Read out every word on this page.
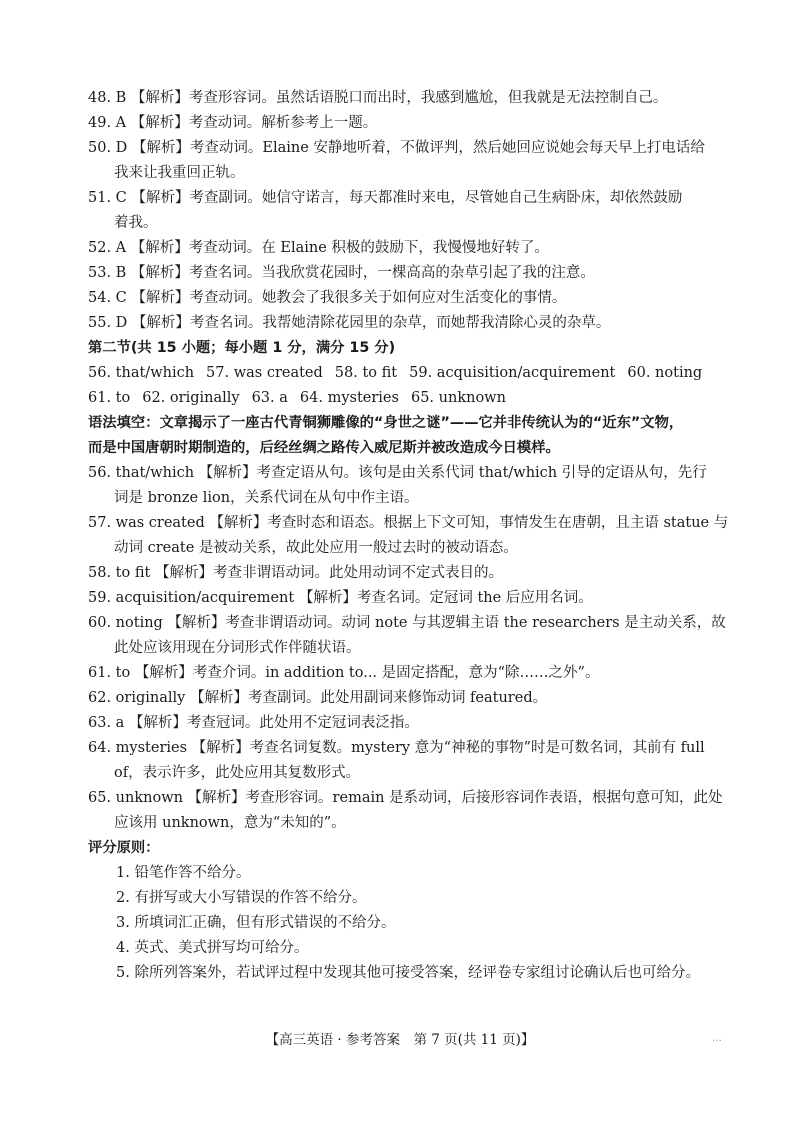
48. B 【解析】考查形容词。虽然话语脱口而出时，我感到尴尬，但我就是无法控制自己。
49. A 【解析】考查动词。解析参考上一题。
50. D 【解析】考查动词。Elaine 安静地听着，不做评判，然后她回应说她会每天早上打电话给
我来让我重回正轨。
51. C 【解析】考查副词。她信守诺言，每天都准时来电，尽管她自己生病卧床，却依然鼓励
着我。
52. A 【解析】考查动词。在 Elaine 积极的鼓励下，我慢慢地好转了。
53. B 【解析】考查名词。当我欣赏花园时，一棵高高的杂草引起了我的注意。
54. C 【解析】考查动词。她教会了我很多关于如何应对生活变化的事情。
55. D 【解析】考查名词。我帮她清除花园里的杂草，而她帮我清除心灵的杂草。
第二节(共 15 小题；每小题 1 分，满分 15 分)
56. that/which 57. was created 58. to fit 59. acquisition/acquirement 60. noting
61. to 62. originally 63. a 64. mysteries 65. unknown
语法填空：文章揭示了一座古代青铜狮雕像的“身世之谜”——它并非传统认为的“近东”文物，
而是中国唐朝时期制造的，后经丝绸之路传入威尼斯并被改造成今日模样。
56. that/which 【解析】考查定语从句。该句是由关系代词 that/which 引导的定语从句，先行
词是 bronze lion，关系代词在从句中作主语。
57. was created 【解析】考查时态和语态。根据上下文可知，事情发生在唐朝，且主语 statue 与
动词 create 是被动关系，故此处应用一般过去时的被动语态。
58. to fit 【解析】考查非谓语动词。此处用动词不定式表目的。
59. acquisition/acquirement 【解析】考查名词。定冠词 the 后应用名词。
60. noting 【解析】考查非谓语动词。动词 note 与其逻辑主语 the researchers 是主动关系，故
此处应该用现在分词形式作伴随状语。
61. to 【解析】考查介词。in addition to... 是固定搭配，意为“除……之外”。
62. originally 【解析】考查副词。此处用副词来修饰动词 featured。
63. a 【解析】考查冠词。此处用不定冠词表泛指。
64. mysteries 【解析】考查名词复数。mystery 意为“神秘的事物”时是可数名词，其前有 full
of，表示许多，此处应用其复数形式。
65. unknown 【解析】考查形容词。remain 是系动词，后接形容词作表语，根据句意可知，此处
应该用 unknown，意为“未知的”。
评分原则：
1. 铅笔作答不给分。
2. 有拼写或大小写错误的作答不给分。
3. 所填词汇正确，但有形式错误的不给分。
4. 英式、美式拼写均可给分。
5. 除所列答案外，若试评过程中发现其他可接受答案，经评卷专家组讨论确认后也可给分。
【高三英语 · 参考答案　第 7 页(共 11 页)】	…
